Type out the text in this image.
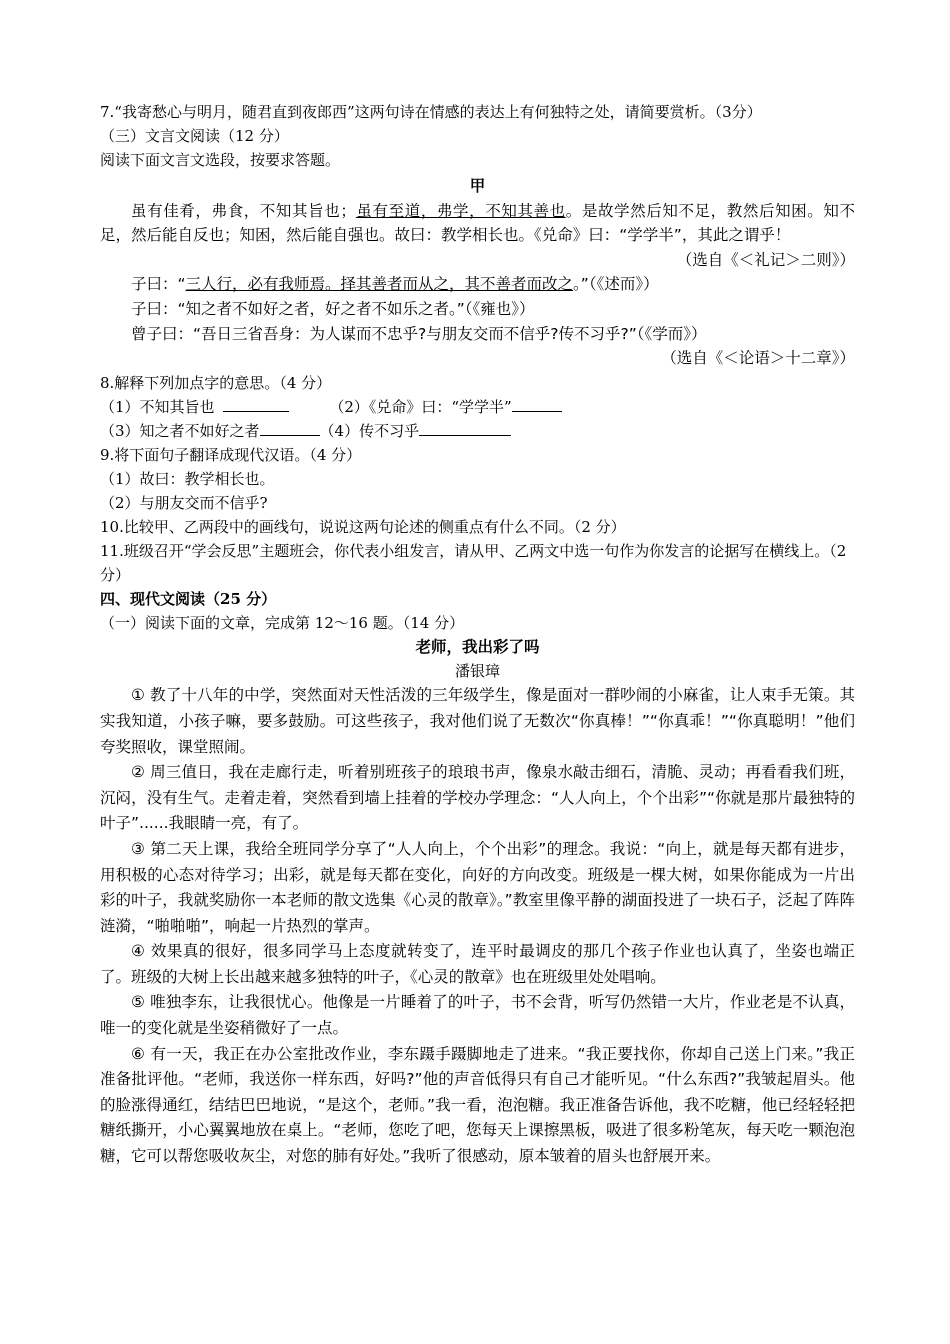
7.“我寄愁心与明月，随君直到夜郎西”这两句诗在情感的表达上有何独特之处，请简要赏析。（3分）
（三）文言文阅读（12 分）
阅读下面文言文选段，按要求答题。
甲
虽有佳肴，弗食，不知其旨也；虽有至道，弗学，不知其善也。是故学然后知不足，教然后知困。知不足，然后能自反也；知困，然后能自强也。故曰：教学相长也。《兑命》曰：“学学半”，其此之谓乎！
（选自《＜礼记＞二则》）
子曰：“三人行，必有我师焉。择其善者而从之，其不善者而改之。”（《述而》）
子曰：“知之者不如好之者，好之者不如乐之者。”（《雍也》）
曾子曰：“吾日三省吾身：为人谋而不忠乎?与朋友交而不信乎?传不习乎?”（《学而》）
（选自《＜论语＞十二章》）
8.解释下列加点字的意思。（4 分）
（1）不知其旨也	（2）《兑命》曰：“学学半”
（3）知之者不如好之者	（4）传不习乎
9.将下面句子翻译成现代汉语。（4 分）
（1）故曰：教学相长也。
（2）与朋友交而不信乎?
10.比较甲、乙两段中的画线句，说说这两句论述的侧重点有什么不同。（2 分）
11.班级召开“学会反思”主题班会，你代表小组发言，请从甲、乙两文中选一句作为你发言的论据写在横线上。（2 分）
四、现代文阅读（25 分）
（一）阅读下面的文章，完成第 12～16 题。（14 分）
老师，我出彩了吗
潘银璋
① 教了十八年的中学，突然面对天性活泼的三年级学生，像是面对一群吵闹的小麻雀，让人束手无策。其实我知道，小孩子嘛，要多鼓励。可这些孩子，我对他们说了无数次“你真棒！”“你真乖！”“你真聪明！”他们夸奖照收，课堂照闹。
② 周三值日，我在走廊行走，听着别班孩子的琅琅书声，像泉水敲击细石，清脆、灵动；再看看我们班，沉闷，没有生气。走着走着，突然看到墙上挂着的学校办学理念：“人人向上，个个出彩”“你就是那片最独特的叶子”......我眼睛一亮，有了。
③ 第二天上课，我给全班同学分享了“人人向上，个个出彩”的理念。我说：“向上，就是每天都有进步，用积极的心态对待学习；出彩，就是每天都在变化，向好的方向改变。班级是一棵大树，如果你能成为一片出彩的叶子，我就奖励你一本老师的散文选集《心灵的散章》。”教室里像平静的湖面投进了一块石子，泛起了阵阵涟漪，“啪啪啪”，响起一片热烈的掌声。
④ 效果真的很好，很多同学马上态度就转变了，连平时最调皮的那几个孩子作业也认真了，坐姿也端正了。班级的大树上长出越来越多独特的叶子，《心灵的散章》也在班级里处处唱响。
⑤ 唯独李东，让我很忧心。他像是一片睡着了的叶子，书不会背，听写仍然错一大片，作业老是不认真，唯一的变化就是坐姿稍微好了一点。
⑥ 有一天，我正在办公室批改作业，李东蹑手蹑脚地走了进来。“我正要找你，你却自己送上门来。”我正准备批评他。“老师，我送你一样东西，好吗?”他的声音低得只有自己才能听见。“什么东西?”我皱起眉头。他的脸涨得通红，结结巴巴地说，“是这个，老师。”我一看，泡泡糖。我正准备告诉他，我不吃糖，他已经轻轻把糖纸撕开，小心翼翼地放在桌上。“老师，您吃了吧，您每天上课擦黑板，吸进了很多粉笔灰，每天吃一颗泡泡糖，它可以帮您吸收灰尘，对您的肺有好处。”我听了很感动，原本皱着的眉头也舒展开来。
